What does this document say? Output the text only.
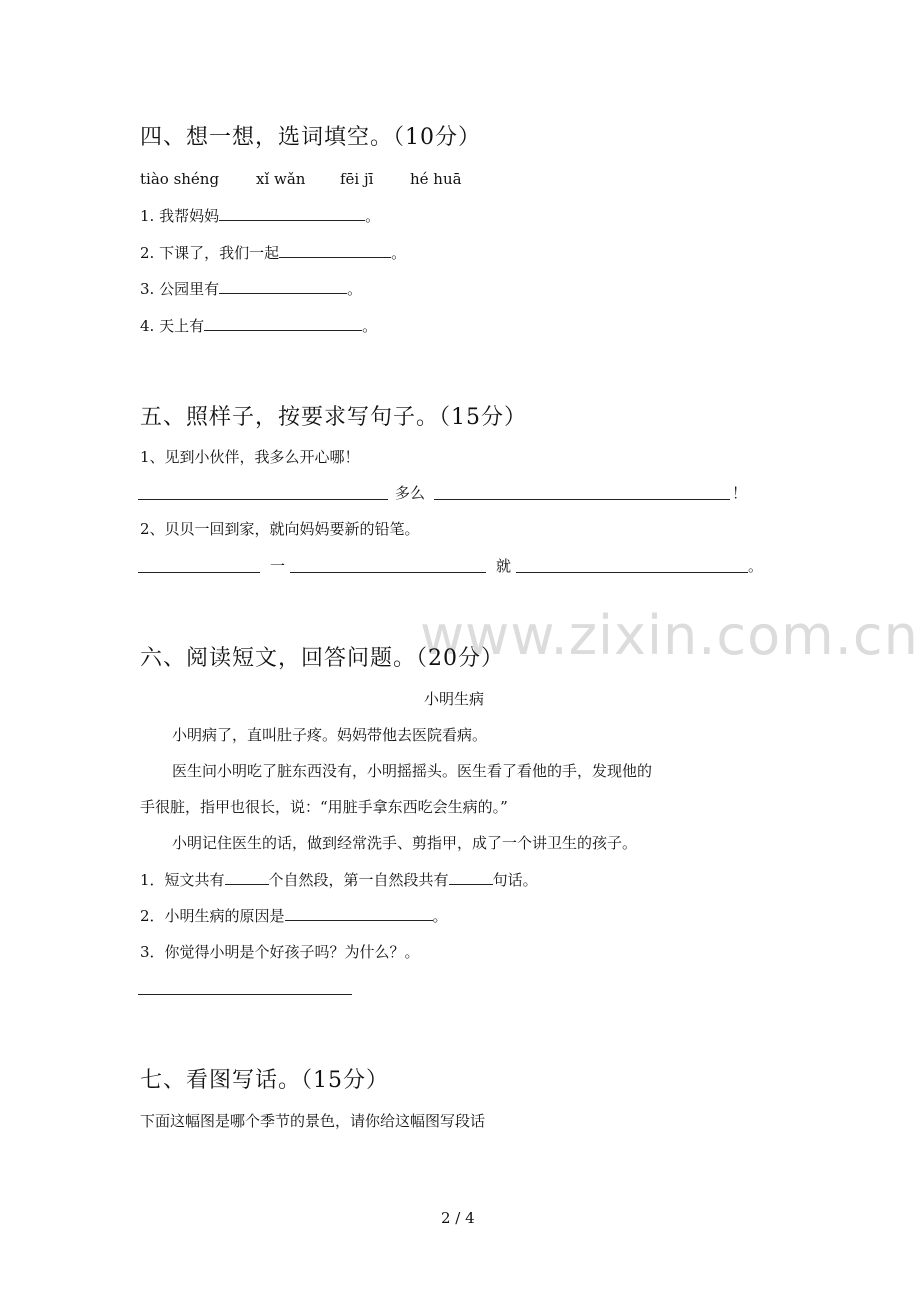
www.zixin.com.cn
四、想一想，选词填空。（10分）
tiào shéng xǐ wǎn fēi jī hé huā
1. 我帮妈妈	。
2. 下课了，我们一起	。
3. 公园里有	。
4. 天上有	。
五、照样子，按要求写句子。（15分）
1、见到小伙伴，我多么开心哪！
多么	！
2、贝贝一回到家，就向妈妈要新的铅笔。
一	就	。
六、阅读短文，回答问题。（20分）
小明生病
小明病了，直叫肚子疼。妈妈带他去医院看病。
医生问小明吃了脏东西没有，小明摇摇头。医生看了看他的手，发现他的
手很脏，指甲也很长，说：“用脏手拿东西吃会生病的。”
小明记住医生的话，做到经常洗手、剪指甲，成了一个讲卫生的孩子。
1．短文共有	个自然段，第一自然段共有	句话。
2．小明生病的原因是	。
3．你觉得小明是个好孩子吗？为什么？。
七、看图写话。（15分）
下面这幅图是哪个季节的景色，请你给这幅图写段话
2 / 4
